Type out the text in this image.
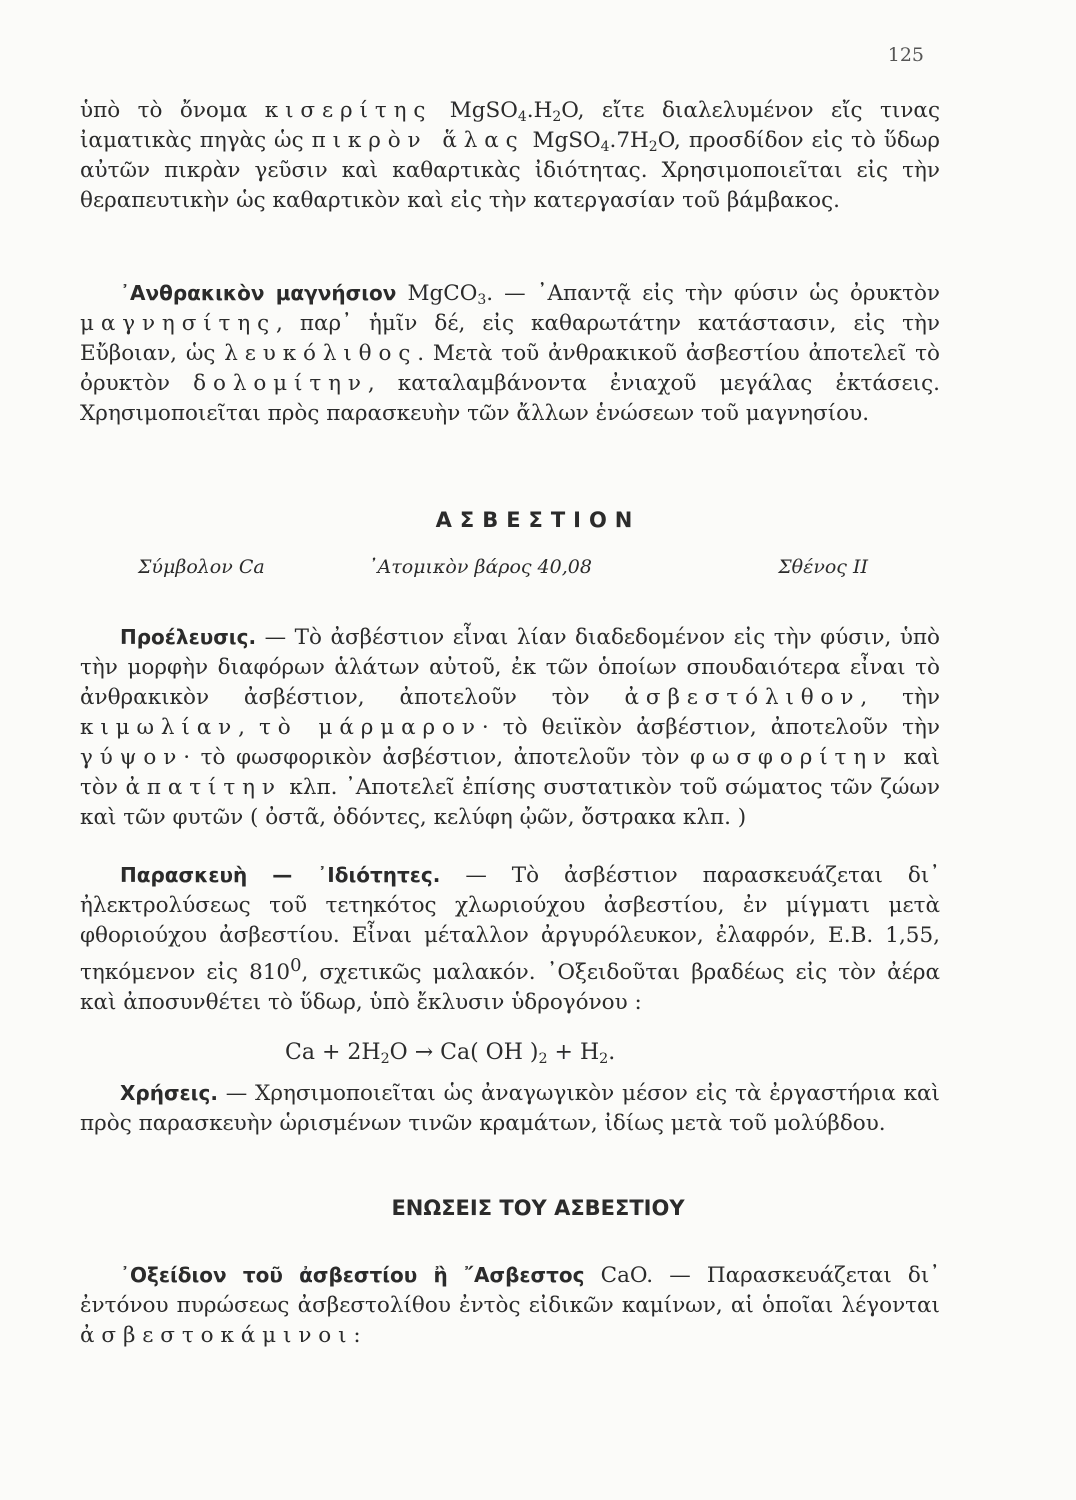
125

ὑπὸ τὸ ὄνομα κισερίτης $MgSO_4.H_2O$, εἴτε διαλελυμένον εἴς τινας ἰαματικὰς πηγὰς ὡς πικρὸν ἅλας $MgSO_4.7H_2O$, προσδίδον εἰς τὸ ὕδωρ αὐτῶν πικρὰν γεῦσιν καὶ καθαρτικὰς ἰδιότητας. Χρησιμοποιεῖται εἰς τὴν θεραπευτικὴν ὡς καθαρτικὸν καὶ εἰς τὴν κατεργασίαν τοῦ βάμβακος.

᾿Ανθρακικὸν μαγνήσιον MgCO$_3$. — ᾿Απαντᾷ εἰς τὴν φύσιν ὡς ὀρυκτὸν μαγνησίτης, παρ᾿ ἡμῖν δέ, εἰς καθαρωτάτην κατάστασιν, εἰς τὴν Εὔβοιαν, ὡς λευκόλιθος. Μετὰ τοῦ ἀνθρακικοῦ ἀσβεστίου ἀποτελεῖ τὸ ὀρυκτὸν δολομίτην, καταλαμβάνοντα ἐνιαχοῦ μεγάλας ἐκτάσεις. Χρησιμοποιεῖται πρὸς παρασκευὴν τῶν ἄλλων ἑνώσεων τοῦ μαγνησίου.

ΑΣΒΕΣΤΙΟΝ
Σύμβολον Ca	᾿Ατομικὸν βάρος 40,08	Σθένος II

Προέλευσις. — Τὸ ἀσβέστιον εἶναι λίαν διαδεδομένον εἰς τὴν φύσιν, ὑπὸ τὴν μορφὴν διαφόρων ἁλάτων αὐτοῦ, ἐκ τῶν ὁποίων σπουδαιότερα εἶναι τὸ ἀνθρακικὸν ἀσβέστιον, ἀποτελοῦν τὸν ἀσβεστόλιθον, τὴν κιμωλίαν, τὸ μάρμαρον· τὸ θειϊκὸν ἀσβέστιον, ἀποτελοῦν τὴν γύψον· τὸ φωσφορικὸν ἀσβέστιον, ἀποτελοῦν τὸν φωσφορίτην καὶ τὸν ἀπατίτην κλπ. ᾿Αποτελεῖ ἐπίσης συστατικὸν τοῦ σώματος τῶν ζώων καὶ τῶν φυτῶν ( ὀστᾶ, ὀδόντες, κελύφη ᾠῶν, ὄστρακα κλπ. )

Παρασκευὴ — ᾿Ιδιότητες. — Τὸ ἀσβέστιον παρασκευάζεται δι᾿ ἠλεκτρολύσεως τοῦ τετηκότος χλωριούχου ἀσβεστίου, ἐν μίγματι μετὰ φθοριούχου ἀσβεστίου. Εἶναι μέταλλον ἀργυρόλευκον, ἐλαφρόν, Ε.Β. 1,55, τηκόμενον εἰς $810^0$, σχετικῶς μαλακόν. ᾿Οξειδοῦται βραδέως εἰς τὸν ἀέρα καὶ ἀποσυνθέτει τὸ ὕδωρ, ὑπὸ ἔκλυσιν ὑδρογόνου :

$Ca + 2H_2O \to Ca$( OH )$_2 + H_2$.

Χρήσεις. — Χρησιμοποιεῖται ὡς ἀναγωγικὸν μέσον εἰς τὰ ἐργαστήρια καὶ πρὸς παρασκευὴν ὡρισμένων τινῶν κραμάτων, ἰδίως μετὰ τοῦ μολύβδου.

ΕΝΩΣΕΙΣ ΤΟΥ ΑΣΒΕΣΤΙΟΥ

᾿Οξείδιον τοῦ ἀσβεστίου ἢ ῎Ασβεστος CaO. — Παρασκευάζεται δι᾿ ἐντόνου πυρώσεως ἀσβεστολίθου ἐντὸς εἰδικῶν καμίνων, αἱ ὁποῖαι λέγονται ἀσβεστοκάμινοι:
